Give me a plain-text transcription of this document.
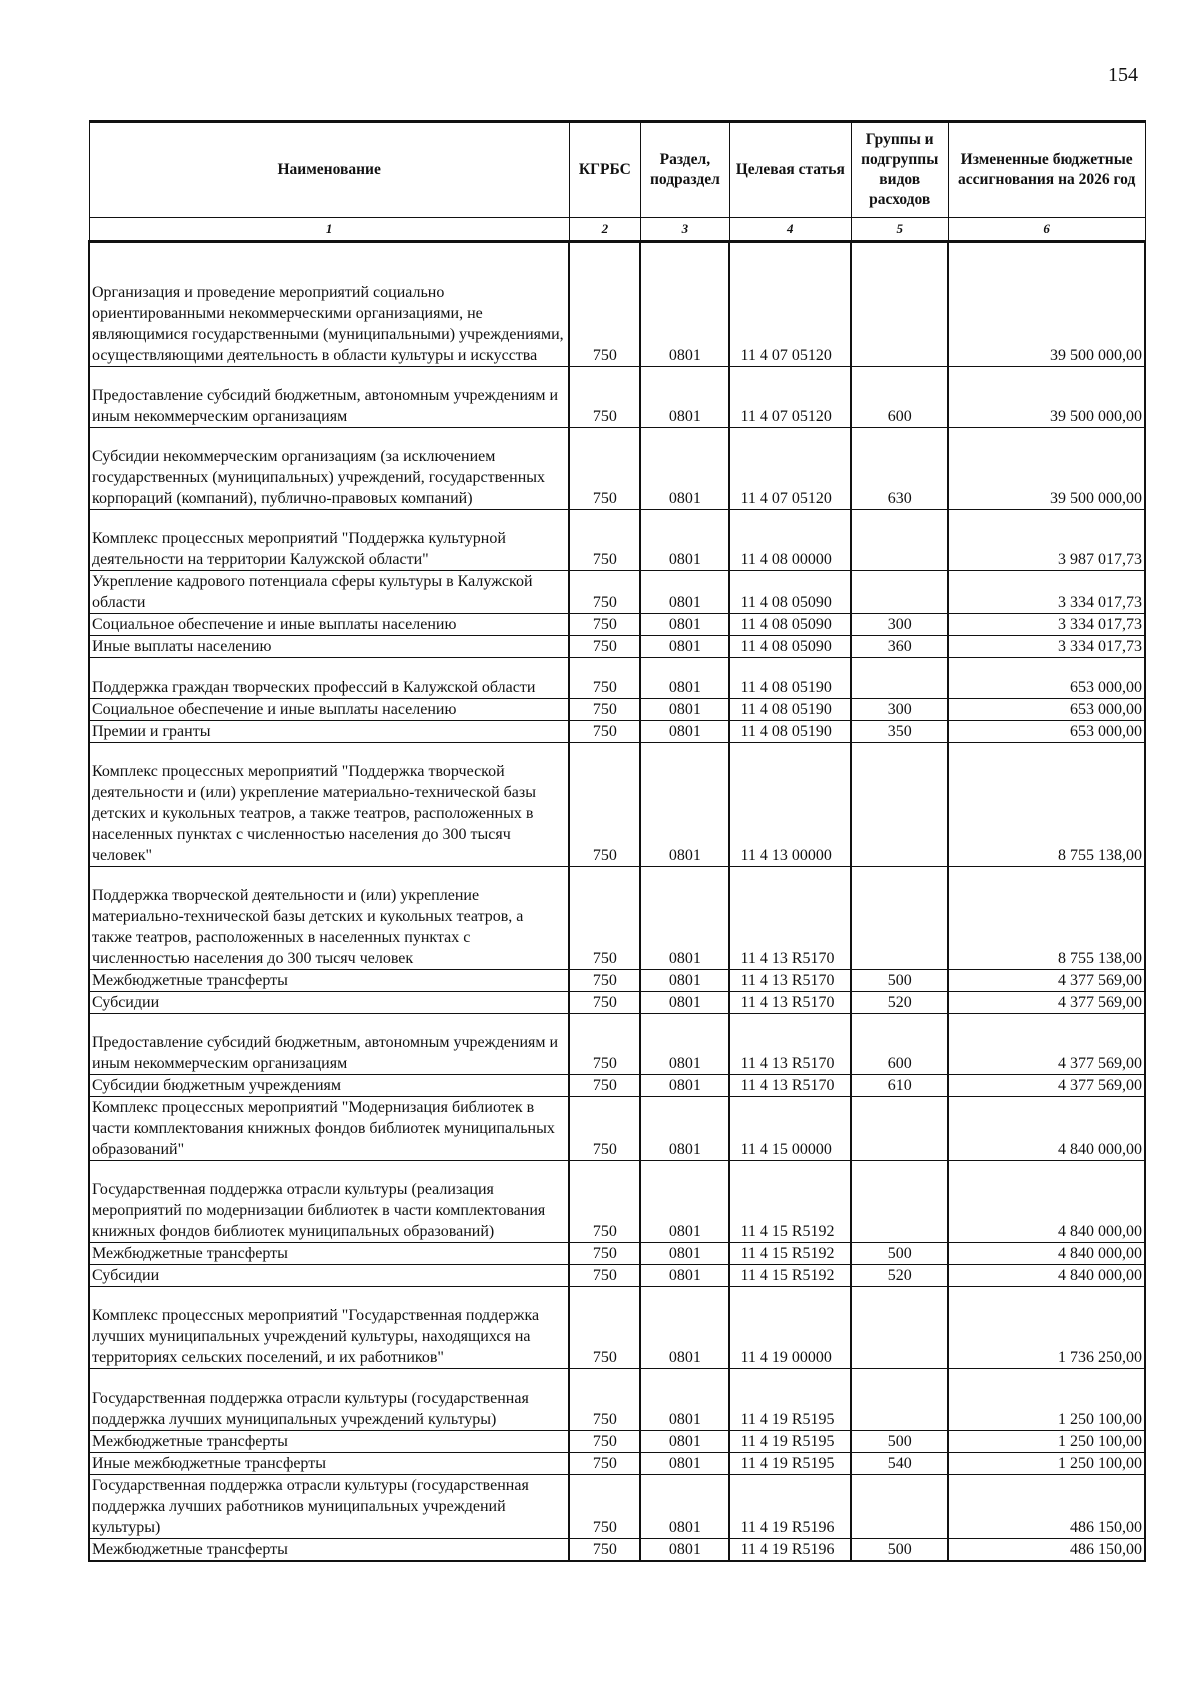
154
Наименование	КГРБС	Раздел, подраздел	Целевая статья	Группы и подгруппы видов расходов	Измененные бюджетные ассигнования на 2026 год
1	2	3	4	5	6
Организация и проведение мероприятий социально ориентированными некоммерческими организациями, не являющимися государственными (муниципальными) учреждениями, осуществляющими деятельность в области культуры и искусства	750	0801	11 4 07 05120		39 500 000,00
Предоставление субсидий бюджетным, автономным учреждениям и иным некоммерческим организациям	750	0801	11 4 07 05120	600	39 500 000,00
Субсидии некоммерческим организациям (за исключением государственных (муниципальных) учреждений, государственных корпораций (компаний), публично-правовых компаний)	750	0801	11 4 07 05120	630	39 500 000,00
Комплекс процессных мероприятий "Поддержка культурной деятельности на территории Калужской области"	750	0801	11 4 08 00000		3 987 017,73
Укрепление кадрового потенциала сферы культуры в Калужской области	750	0801	11 4 08 05090		3 334 017,73
Социальное обеспечение и иные выплаты населению	750	0801	11 4 08 05090	300	3 334 017,73
Иные выплаты населению	750	0801	11 4 08 05090	360	3 334 017,73
Поддержка граждан творческих профессий в Калужской области	750	0801	11 4 08 05190		653 000,00
Социальное обеспечение и иные выплаты населению	750	0801	11 4 08 05190	300	653 000,00
Премии и гранты	750	0801	11 4 08 05190	350	653 000,00
Комплекс процессных мероприятий "Поддержка творческой деятельности и (или) укрепление материально-технической базы детских и кукольных театров, а также театров, расположенных в населенных пунктах с численностью населения до 300 тысяч человек"	750	0801	11 4 13 00000		8 755 138,00
Поддержка творческой деятельности и (или) укрепление материально-технической базы детских и кукольных театров, а также театров, расположенных в населенных пунктах с численностью населения до 300 тысяч человек	750	0801	11 4 13 R5170		8 755 138,00
Межбюджетные трансферты	750	0801	11 4 13 R5170	500	4 377 569,00
Субсидии	750	0801	11 4 13 R5170	520	4 377 569,00
Предоставление субсидий бюджетным, автономным учреждениям и иным некоммерческим организациям	750	0801	11 4 13 R5170	600	4 377 569,00
Субсидии бюджетным учреждениям	750	0801	11 4 13 R5170	610	4 377 569,00
Комплекс процессных мероприятий "Модернизация библиотек в части комплектования книжных фондов библиотек муниципальных образований"	750	0801	11 4 15 00000		4 840 000,00
Государственная поддержка отрасли культуры (реализация мероприятий по модернизации библиотек в части комплектования книжных фондов библиотек муниципальных образований)	750	0801	11 4 15 R5192		4 840 000,00
Межбюджетные трансферты	750	0801	11 4 15 R5192	500	4 840 000,00
Субсидии	750	0801	11 4 15 R5192	520	4 840 000,00
Комплекс процессных мероприятий "Государственная поддержка лучших муниципальных учреждений культуры, находящихся на территориях сельских поселений, и их работников"	750	0801	11 4 19 00000		1 736 250,00
Государственная поддержка отрасли культуры (государственная поддержка лучших муниципальных учреждений культуры)	750	0801	11 4 19 R5195		1 250 100,00
Межбюджетные трансферты	750	0801	11 4 19 R5195	500	1 250 100,00
Иные межбюджетные трансферты	750	0801	11 4 19 R5195	540	1 250 100,00
Государственная поддержка отрасли культуры (государственная поддержка лучших работников муниципальных учреждений культуры)	750	0801	11 4 19 R5196		486 150,00
Межбюджетные трансферты	750	0801	11 4 19 R5196	500	486 150,00
